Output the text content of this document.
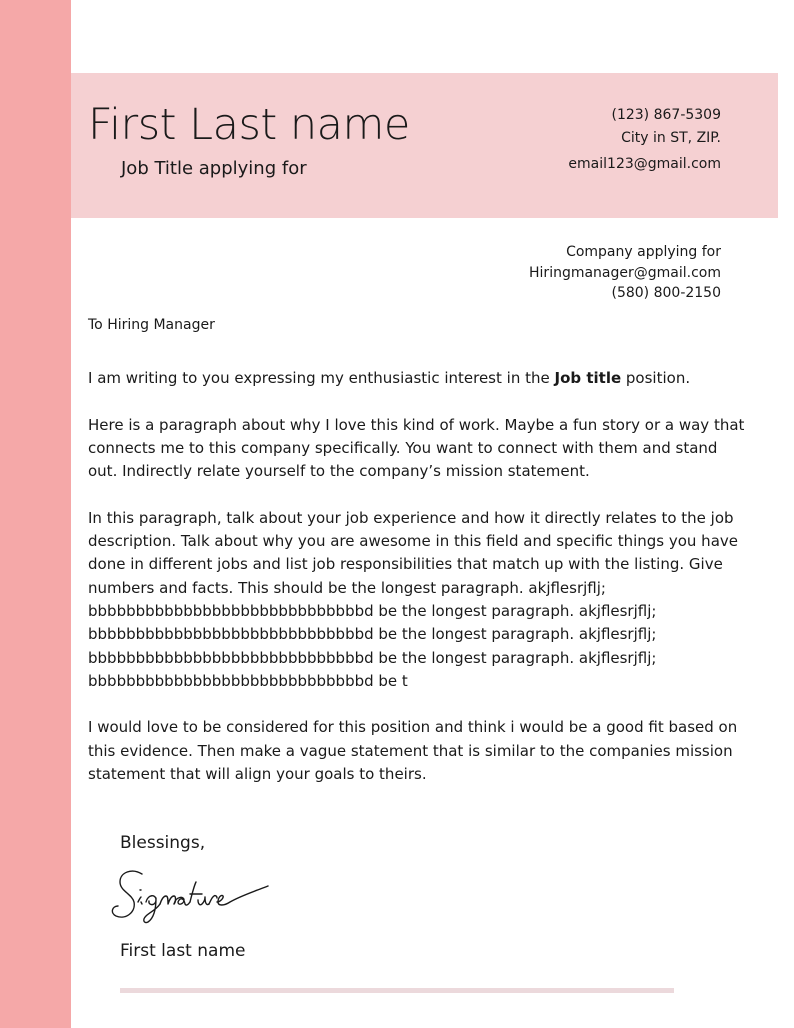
First Last name
Job Title applying for
(123) 867-5309
City in ST, ZIP.
email123@gmail.com
Company applying for
Hiringmanager@gmail.com
(580) 800-2150
To Hiring Manager

I am writing to you expressing my enthusiastic interest in the Job title position.

Here is a paragraph about why I love this kind of work. Maybe a fun story or a way that connects me to this company specifically. You want to connect with them and stand out. Indirectly relate yourself to the company’s mission statement.

In this paragraph, talk about your job experience and how it directly relates to the job description. Talk about why you are awesome in this field and specific things you have done in different jobs and list job responsibilities that match up with the listing. Give numbers and facts. This should be the longest paragraph. akjflesrjflj;
bbbbbbbbbbbbbbbbbbbbbbbbbbbbbd be the longest paragraph. akjflesrjflj;
bbbbbbbbbbbbbbbbbbbbbbbbbbbbbd be the longest paragraph. akjflesrjflj;
bbbbbbbbbbbbbbbbbbbbbbbbbbbbbd be the longest paragraph. akjflesrjflj;
bbbbbbbbbbbbbbbbbbbbbbbbbbbbbd be t

I would love to be considered for this position and think i would be a good fit based on this evidence. Then make a vague statement that is similar to the companies mission statement that will align your goals to theirs.

Blessings,
First last name
